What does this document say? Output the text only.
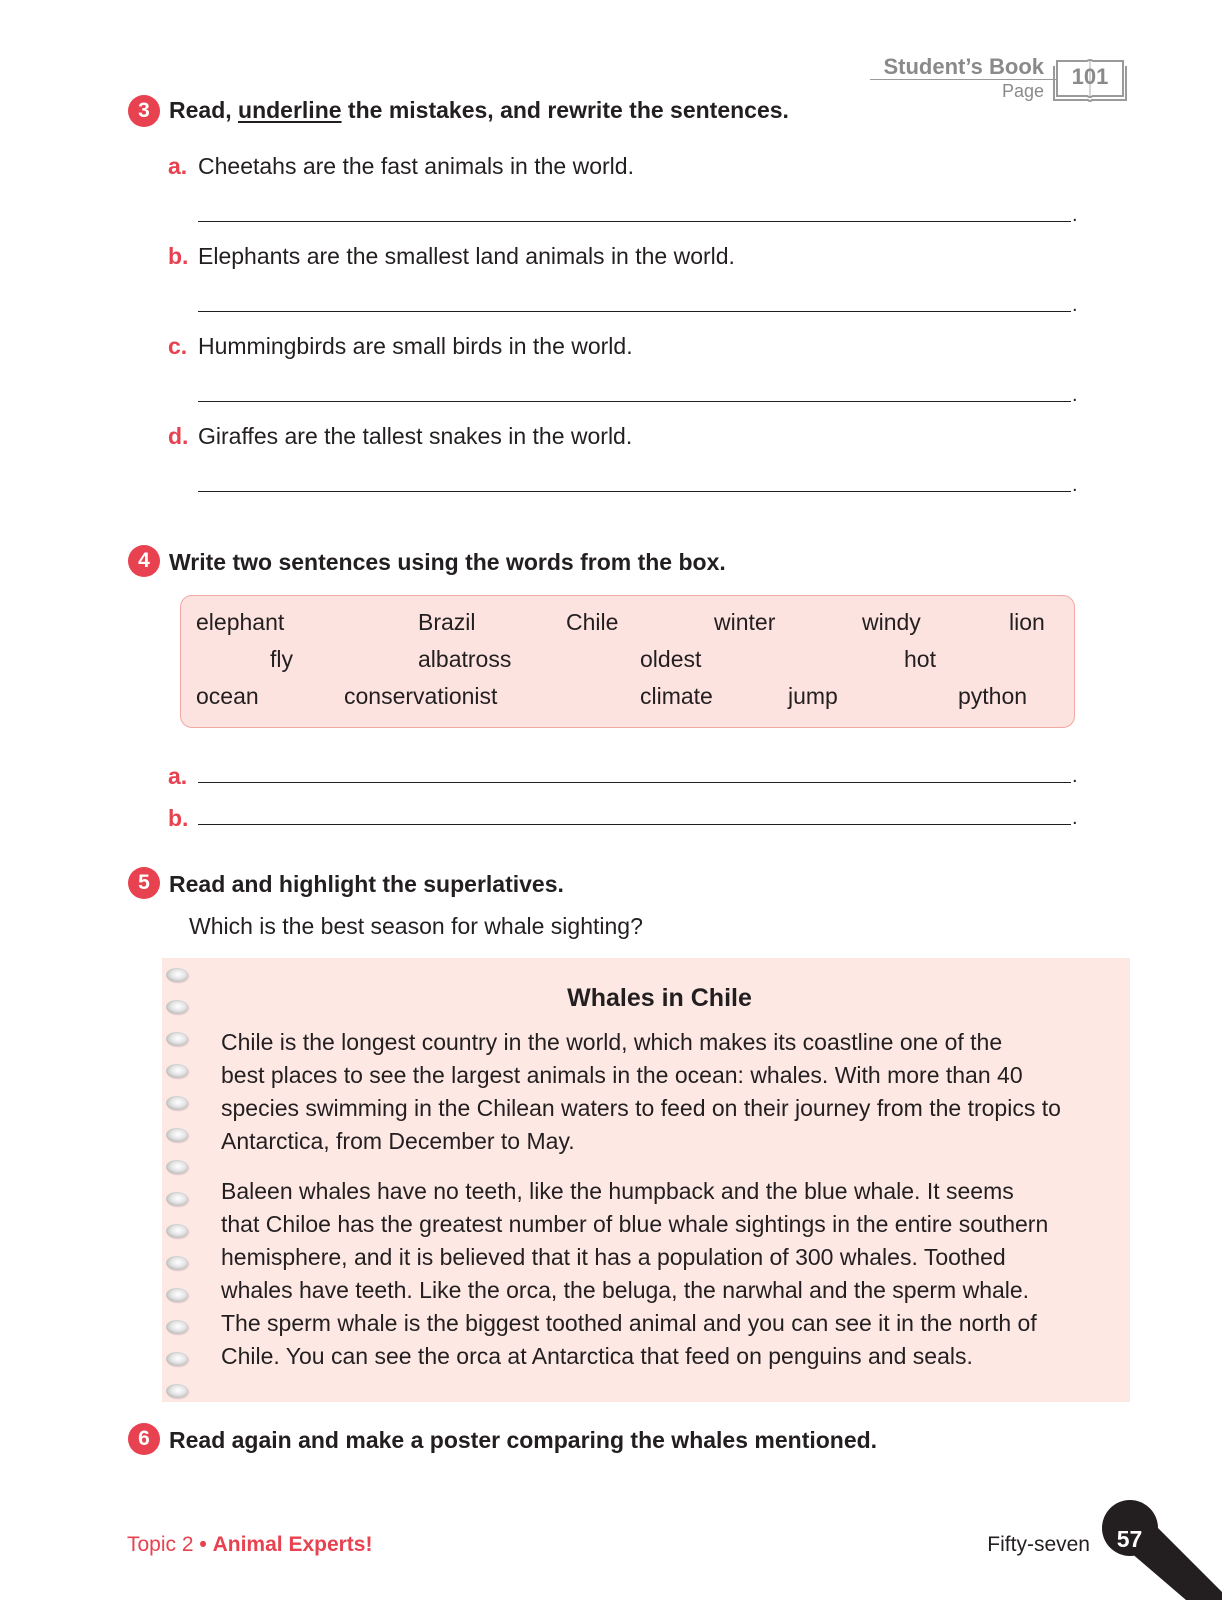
Student’s Book
Page
101
3 Read, underline the mistakes, and rewrite the sentences.
a. Cheetahs are the fast animals in the world.
.
b. Elephants are the smallest land animals in the world.
.
c. Hummingbirds are small birds in the world.
.
d. Giraffes are the tallest snakes in the world.
.
4 Write two sentences using the words from the box.
elephant	Brazil	Chile	winter	windy	lion
fly	albatross	oldest	hot
ocean	conservationist	climate	jump	python
a.	.
b.	.
5 Read and highlight the superlatives.
Which is the best season for whale sighting?
Whales in Chile
Chile is the longest country in the world, which makes its coastline one of the
best places to see the largest animals in the ocean: whales. With more than 40
species swimming in the Chilean waters to feed on their journey from the tropics to
Antarctica, from December to May.
Baleen whales have no teeth, like the humpback and the blue whale. It seems
that Chiloe has the greatest number of blue whale sightings in the entire southern
hemisphere, and it is believed that it has a population of 300 whales. Toothed
whales have teeth. Like the orca, the beluga, the narwhal and the sperm whale.
The sperm whale is the biggest toothed animal and you can see it in the north of
Chile. You can see the orca at Antarctica that feed on penguins and seals.
6 Read again and make a poster comparing the whales mentioned.
Topic 2 • Animal Experts!	Fifty-seven	57
